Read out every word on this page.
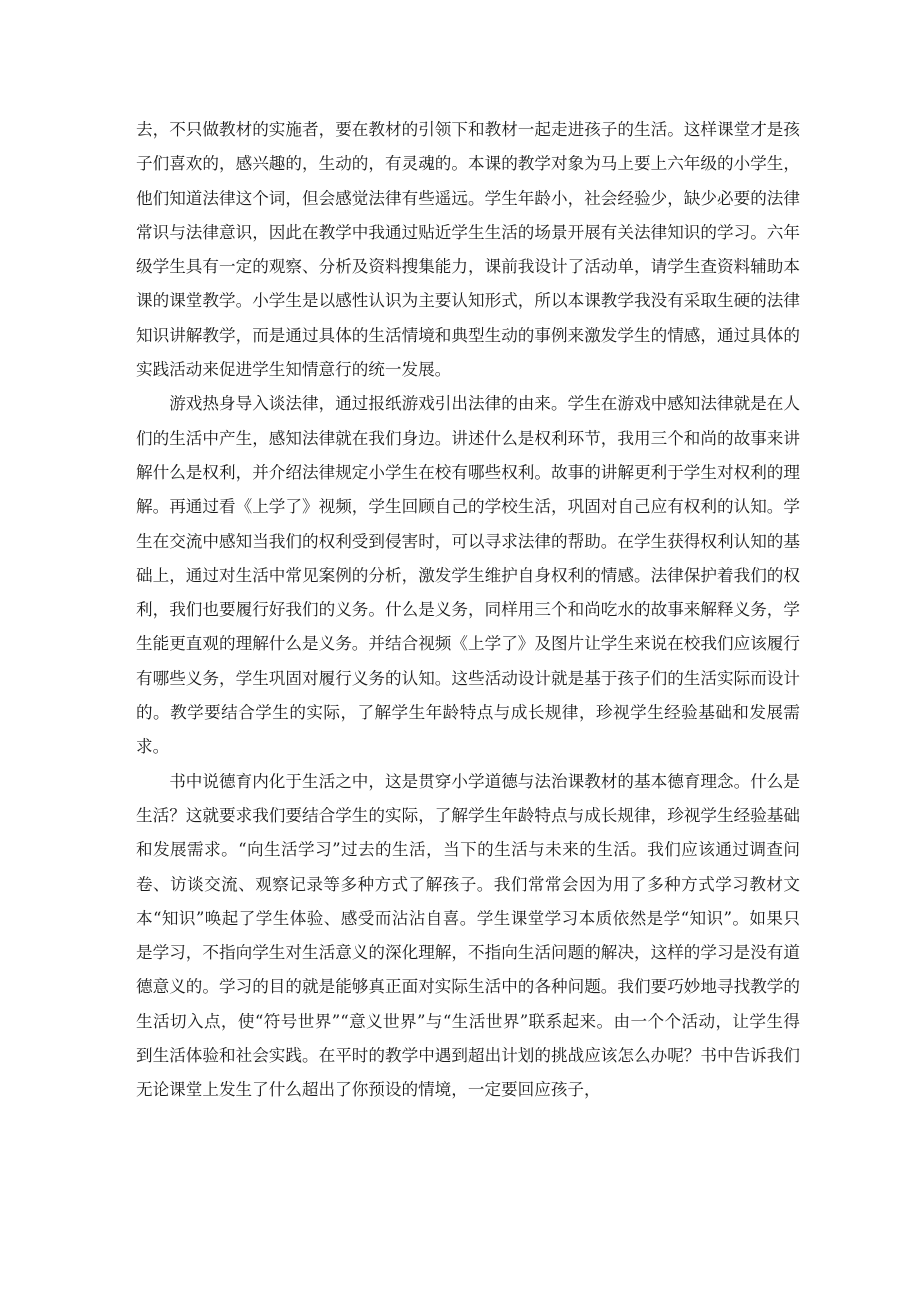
去，不只做教材的实施者，要在教材的引领下和教材一起走进孩子的生活。这样课堂才是孩子们喜欢的，感兴趣的，生动的，有灵魂的。本课的教学对象为马上要上六年级的小学生，他们知道法律这个词，但会感觉法律有些遥远。学生年龄小，社会经验少，缺少必要的法律常识与法律意识，因此在教学中我通过贴近学生生活的场景开展有关法律知识的学习。六年级学生具有一定的观察、分析及资料搜集能力，课前我设计了活动单，请学生查资料辅助本课的课堂教学。小学生是以感性认识为主要认知形式，所以本课教学我没有采取生硬的法律知识讲解教学，而是通过具体的生活情境和典型生动的事例来激发学生的情感，通过具体的实践活动来促进学生知情意行的统一发展。

游戏热身导入谈法律，通过报纸游戏引出法律的由来。学生在游戏中感知法律就是在人们的生活中产生，感知法律就在我们身边。讲述什么是权利环节，我用三个和尚的故事来讲解什么是权利，并介绍法律规定小学生在校有哪些权利。故事的讲解更利于学生对权利的理解。再通过看《上学了》视频，学生回顾自己的学校生活，巩固对自己应有权利的认知。学生在交流中感知当我们的权利受到侵害时，可以寻求法律的帮助。在学生获得权利认知的基础上，通过对生活中常见案例的分析，激发学生维护自身权利的情感。法律保护着我们的权利，我们也要履行好我们的义务。什么是义务，同样用三个和尚吃水的故事来解释义务，学生能更直观的理解什么是义务。并结合视频《上学了》及图片让学生来说在校我们应该履行有哪些义务，学生巩固对履行义务的认知。这些活动设计就是基于孩子们的生活实际而设计的。教学要结合学生的实际，了解学生年龄特点与成长规律，珍视学生经验基础和发展需求。

书中说德育内化于生活之中，这是贯穿小学道德与法治课教材的基本德育理念。什么是生活？这就要求我们要结合学生的实际，了解学生年龄特点与成长规律，珍视学生经验基础和发展需求。“向生活学习”过去的生活，当下的生活与未来的生活。我们应该通过调查问卷、访谈交流、观察记录等多种方式了解孩子。我们常常会因为用了多种方式学习教材文本“知识”唤起了学生体验、感受而沾沾自喜。学生课堂学习本质依然是学“知识”。如果只是学习，不指向学生对生活意义的深化理解，不指向生活问题的解决，这样的学习是没有道德意义的。学习的目的就是能够真正面对实际生活中的各种问题。我们要巧妙地寻找教学的生活切入点，使“符号世界”“意义世界”与“生活世界”联系起来。由一个个活动，让学生得到生活体验和社会实践。在平时的教学中遇到超出计划的挑战应该怎么办呢？书中告诉我们无论课堂上发生了什么超出了你预设的情境，一定要回应孩子，
